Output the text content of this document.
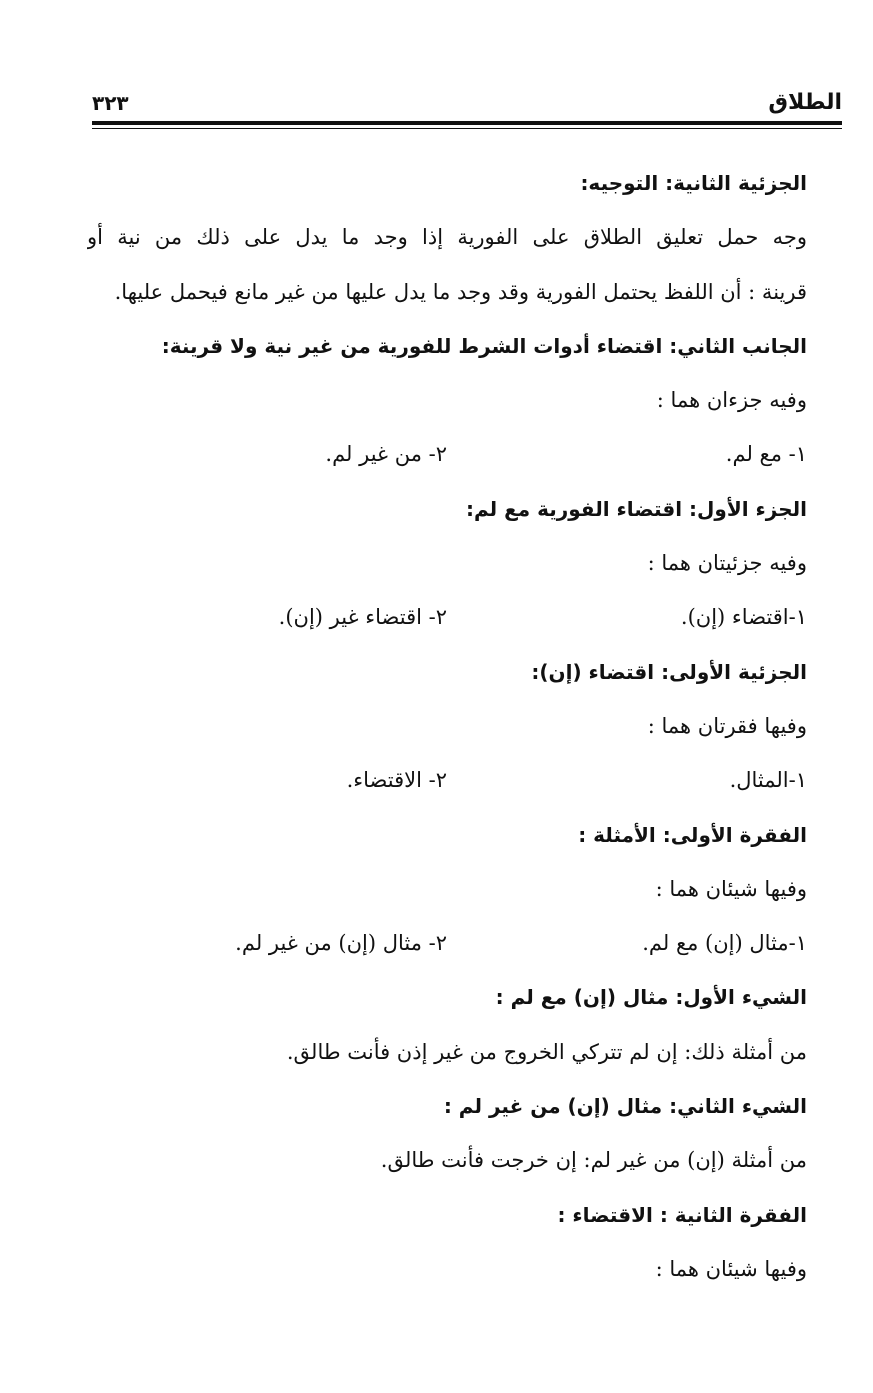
الطلاق
٣٢٣
الجزئية الثانية: التوجيه:
وجه حمل تعليق الطلاق على الفورية إذا وجد ما يدل على ذلك من نية أو
قرينة : أن اللفظ يحتمل الفورية وقد وجد ما يدل عليها من غير مانع فيحمل عليها.
الجانب الثاني: اقتضاء أدوات الشرط للفورية من غير نية ولا قرينة:
وفيه جزءان هما :
١- مع لم.
٢- من غير لم.
الجزء الأول: اقتضاء الفورية مع لم:
وفيه جزئيتان هما :
١-اقتضاء (إن).
٢- اقتضاء غير (إن).
الجزئية الأولى: اقتضاء (إن):
وفيها فقرتان هما :
١-المثال.
٢- الاقتضاء.
الفقرة الأولى: الأمثلة :
وفيها شيئان هما :
١-مثال (إن) مع لم.
٢- مثال (إن) من غير لم.
الشيء الأول: مثال (إن) مع لم :
من أمثلة ذلك: إن لم تتركي الخروج من غير إذن فأنت طالق.
الشيء الثاني: مثال (إن) من غير لم :
من أمثلة (إن) من غير لم: إن خرجت فأنت طالق.
الفقرة الثانية : الاقتضاء :
وفيها شيئان هما :
